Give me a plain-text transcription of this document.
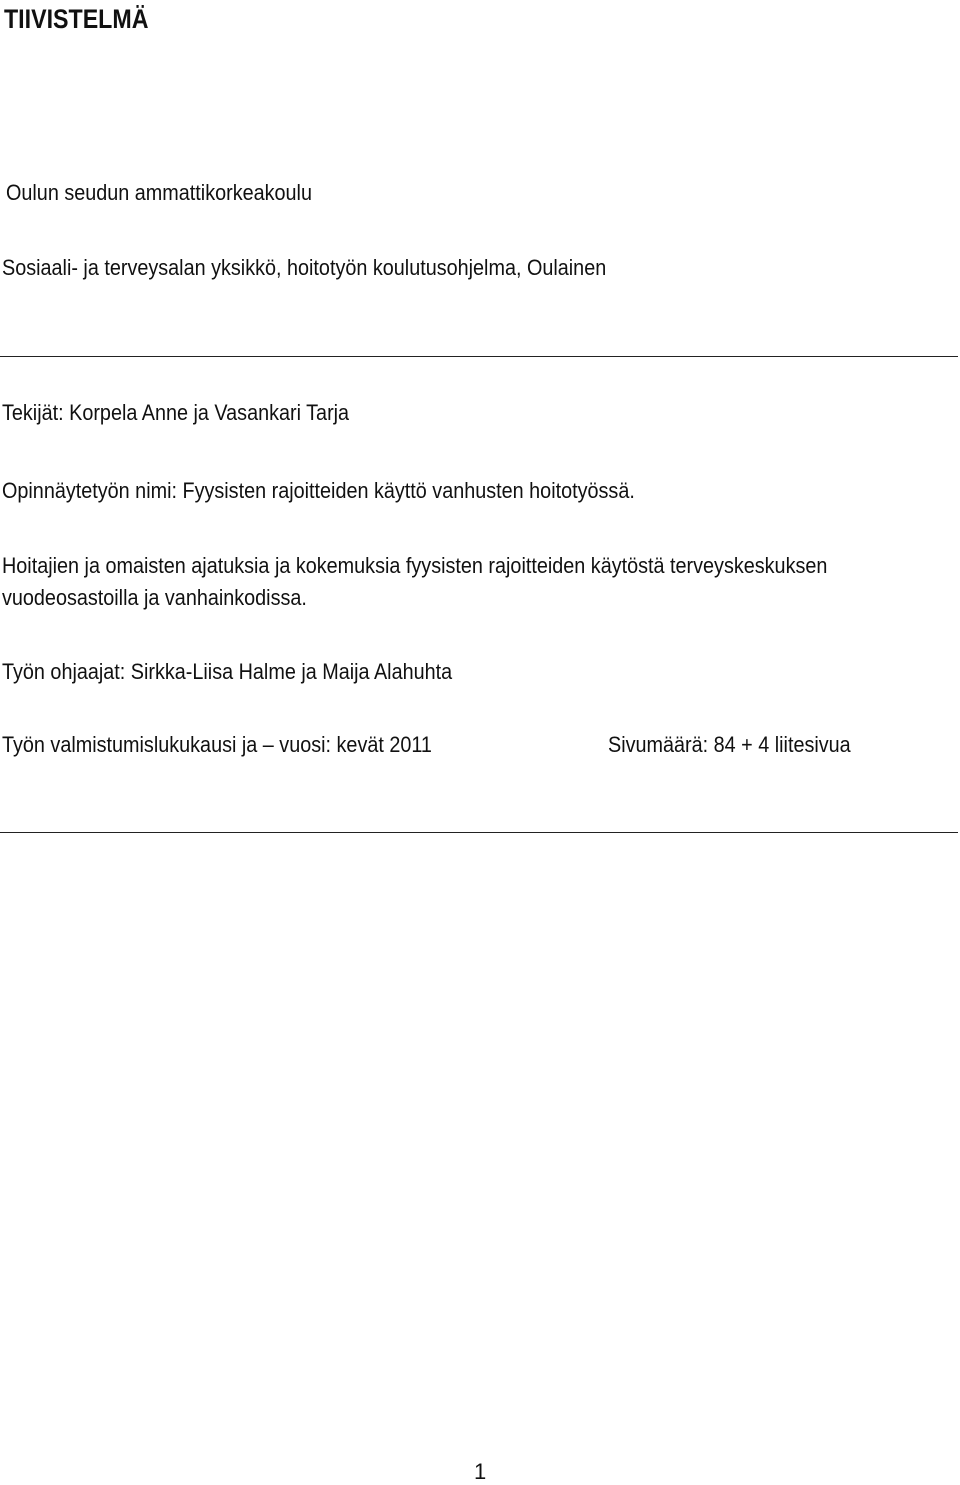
TIIVISTELMÄ
Oulun seudun ammattikorkeakoulu
Sosiaali- ja terveysalan yksikkö, hoitotyön koulutusohjelma, Oulainen
Tekijät: Korpela Anne ja Vasankari Tarja
Opinnäytetyön nimi: Fyysisten rajoitteiden käyttö vanhusten hoitotyössä.
Hoitajien ja omaisten ajatuksia ja kokemuksia fyysisten rajoitteiden käytöstä terveyskeskuksen
vuodeosastoilla ja vanhainkodissa.
Työn ohjaajat: Sirkka-Liisa Halme ja Maija Alahuhta
Työn valmistumislukukausi ja – vuosi: kevät 2011	Sivumäärä: 84 + 4 liitesivua
1
